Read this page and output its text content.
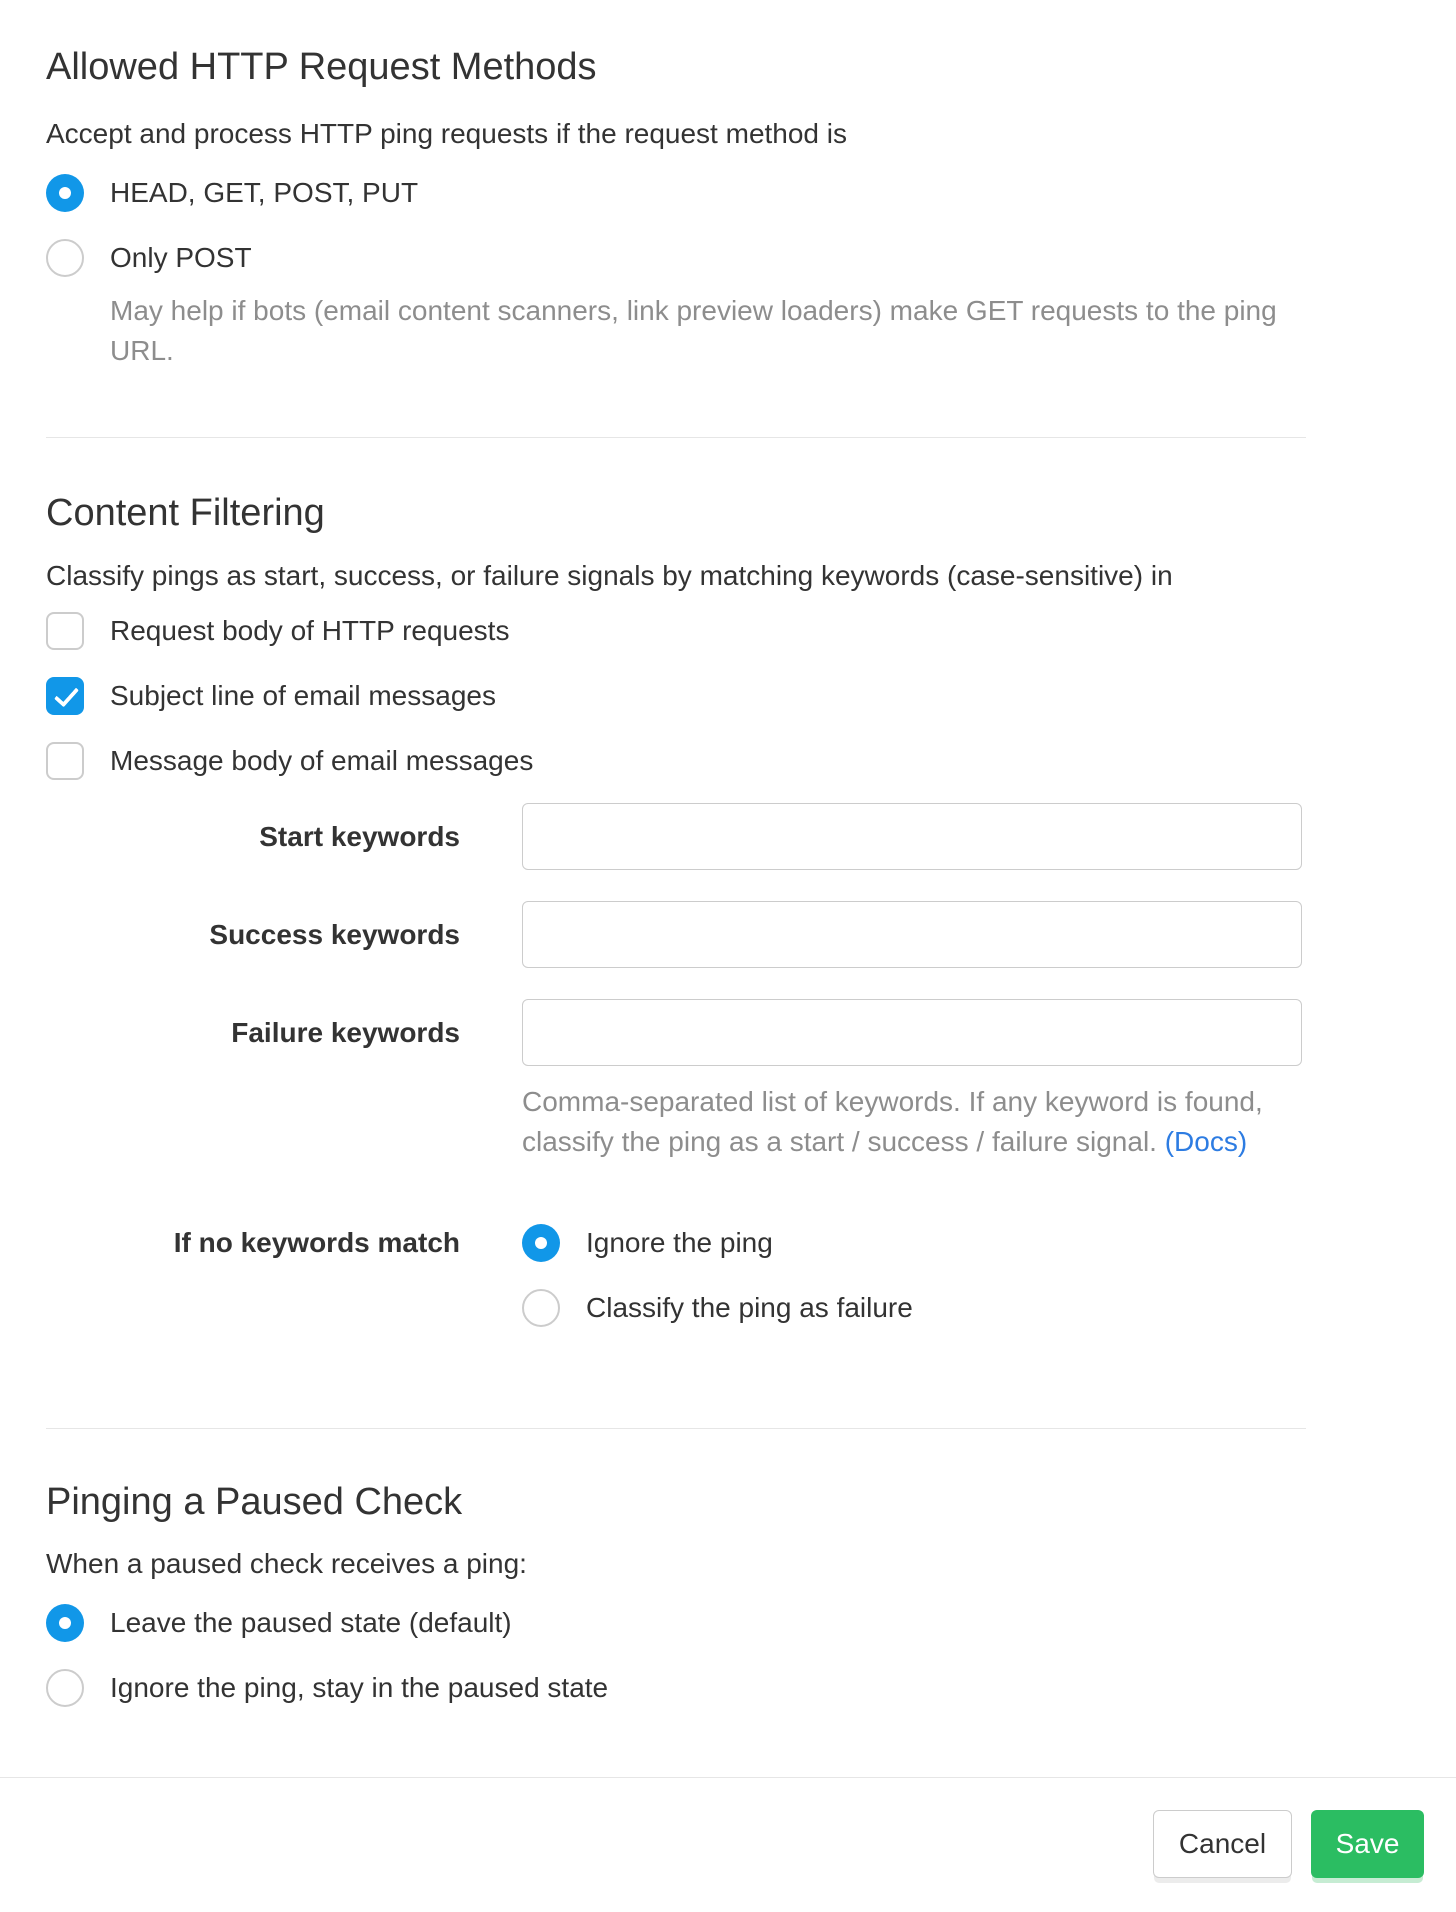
Allowed HTTP Request Methods

Accept and process HTTP ping requests if the request method is

HEAD, GET, POST, PUT
Only POST
May help if bots (email content scanners, link preview loaders) make GET requests to the ping URL.
Content Filtering

Classify pings as start, success, or failure signals by matching keywords (case-sensitive) in

Request body of HTTP requests
Subject line of email messages
Message body of email messages
Start keywords
Success keywords
Failure keywords
Comma-separated list of keywords. If any keyword is found,
classify the ping as a start / success / failure signal. (Docs)
If no keywords match	Ignore the ping
Classify the ping as failure
Pinging a Paused Check

When a paused check receives a ping:

Leave the paused state (default)
Ignore the ping, stay in the paused state
Cancel	Save
